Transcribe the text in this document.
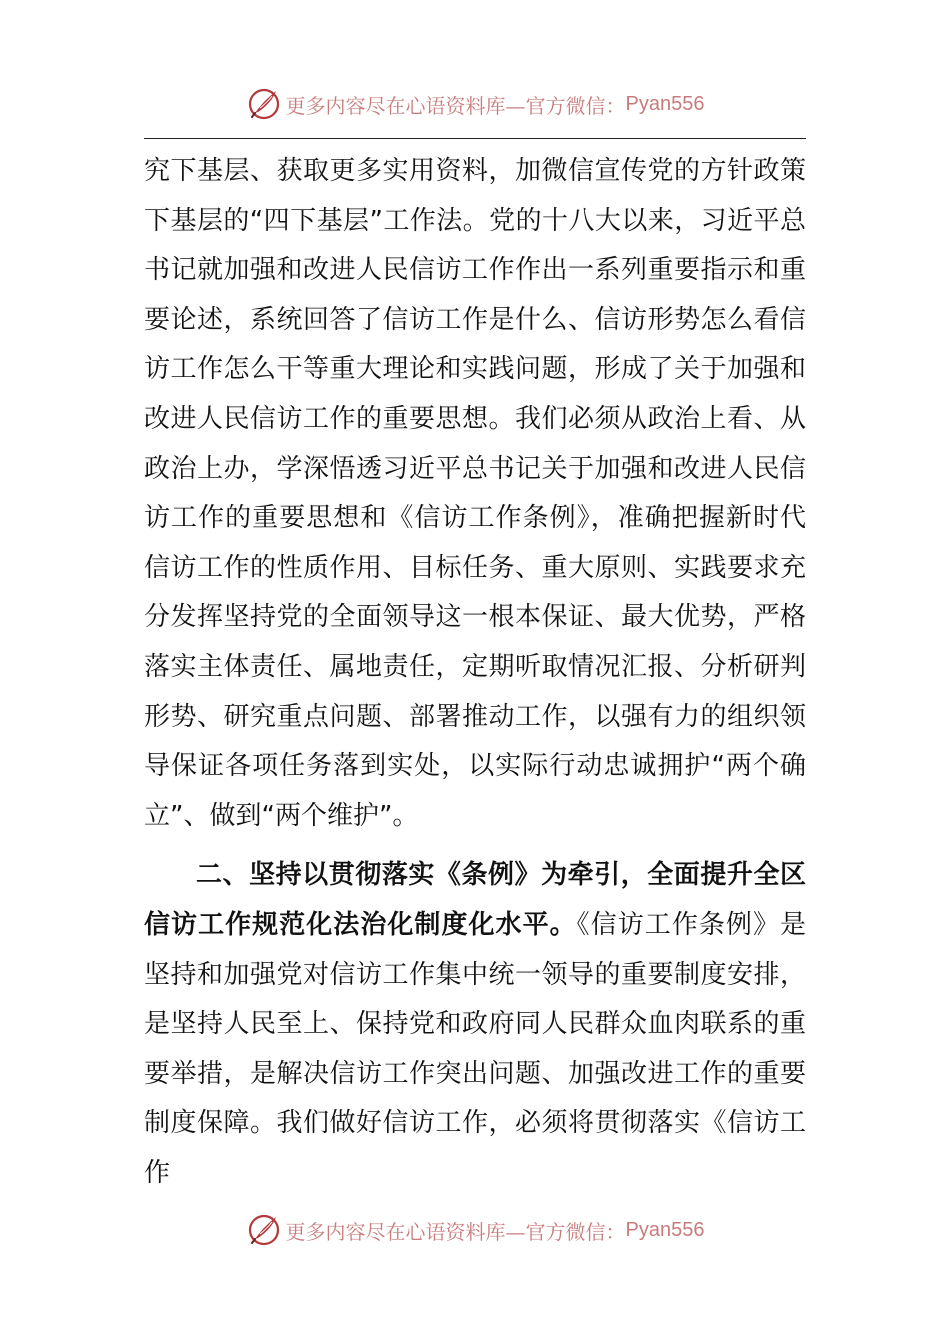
更多内容尽在心语资料库—官方微信： Pyan556

究下基层、获取更多实用资料，加微信宣传党的方针政策下基层的“四下基层”工作法。党的十八大以来，习近平总书记就加强和改进人民信访工作作出一系列重要指示和重要论述，系统回答了信访工作是什么、信访形势怎么看信访工作怎么干等重大理论和实践问题，形成了关于加强和改进人民信访工作的重要思想。我们必须从政治上看、从政治上办，学深悟透习近平总书记关于加强和改进人民信访工作的重要思想和《信访工作条例》，准确把握新时代信访工作的性质作用、目标任务、重大原则、实践要求充分发挥坚持党的全面领导这一根本保证、最大优势，严格落实主体责任、属地责任，定期听取情况汇报、分析研判形势、研究重点问题、部署推动工作，以强有力的组织领导保证各项任务落到实处，以实际行动忠诚拥护“两个确立”、做到“两个维护”。

二、坚持以贯彻落实《条例》为牵引，全面提升全区信访工作规范化法治化制度化水平。《信访工作条例》是坚持和加强党对信访工作集中统一领导的重要制度安排，是坚持人民至上、保持党和政府同人民群众血肉联系的重要举措，是解决信访工作突出问题、加强改进工作的重要制度保障。我们做好信访工作，必须将贯彻落实《信访工作

更多内容尽在心语资料库—官方微信： Pyan556
